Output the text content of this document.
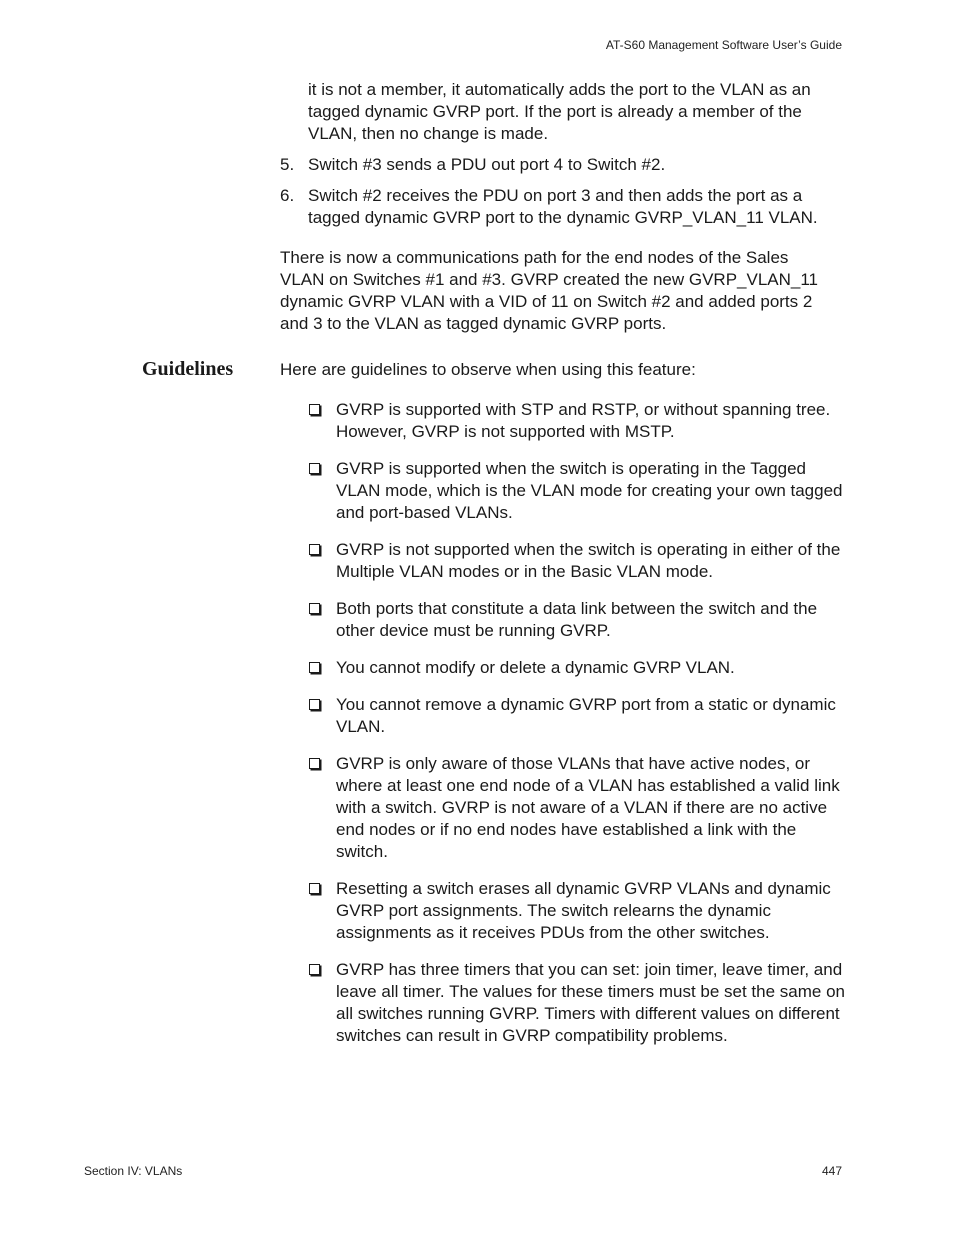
AT-S60 Management Software User’s Guide

it is not a member, it automatically adds the port to the VLAN as an tagged dynamic GVRP port. If the port is already a member of the VLAN, then no change is made.

5. Switch #3 sends a PDU out port 4 to Switch #2.
6. Switch #2 receives the PDU on port 3 and then adds the port as a tagged dynamic GVRP port to the dynamic GVRP_VLAN_11 VLAN.

There is now a communications path for the end nodes of the Sales VLAN on Switches #1 and #3. GVRP created the new GVRP_VLAN_11 dynamic GVRP VLAN with a VID of 11 on Switch #2 and added ports 2 and 3 to the VLAN as tagged dynamic GVRP ports.

Guidelines	Here are guidelines to observe when using this feature:

GVRP is supported with STP and RSTP, or without spanning tree. However, GVRP is not supported with MSTP.
GVRP is supported when the switch is operating in the Tagged VLAN mode, which is the VLAN mode for creating your own tagged and port-based VLANs.
GVRP is not supported when the switch is operating in either of the Multiple VLAN modes or in the Basic VLAN mode.
Both ports that constitute a data link between the switch and the other device must be running GVRP.
You cannot modify or delete a dynamic GVRP VLAN.
You cannot remove a dynamic GVRP port from a static or dynamic VLAN.
GVRP is only aware of those VLANs that have active nodes, or where at least one end node of a VLAN has established a valid link with a switch. GVRP is not aware of a VLAN if there are no active end nodes or if no end nodes have established a link with the switch.
Resetting a switch erases all dynamic GVRP VLANs and dynamic GVRP port assignments. The switch relearns the dynamic assignments as it receives PDUs from the other switches.
GVRP has three timers that you can set: join timer, leave timer, and leave all timer. The values for these timers must be set the same on all switches running GVRP. Timers with different values on different switches can result in GVRP compatibility problems.
Section IV: VLANs	447
